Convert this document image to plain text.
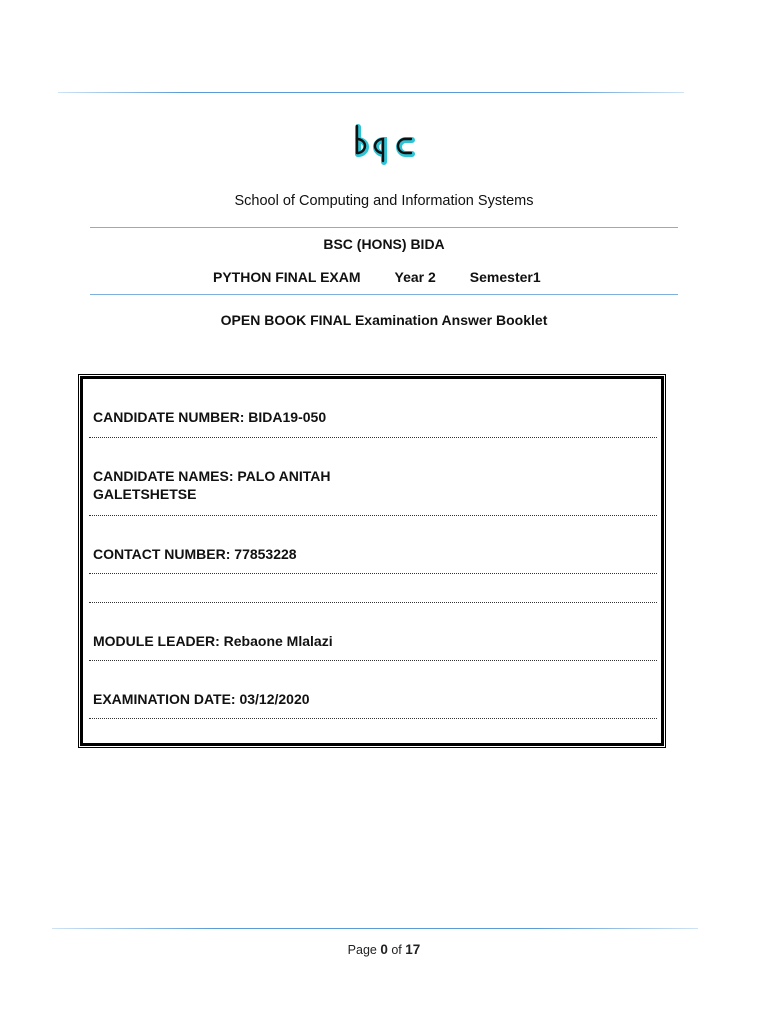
School of Computing and Information Systems
BSC (HONS) BIDA
PYTHON FINAL EXAM Year 2 Semester1
OPEN BOOK FINAL Examination Answer Booklet
CANDIDATE NUMBER: BIDA19-050
CANDIDATE NAMES: PALO ANITAH
GALETSHETSE
CONTACT NUMBER: 77853228
MODULE LEADER: Rebaone Mlalazi
EXAMINATION DATE: 03/12/2020
Page 0 of 17
